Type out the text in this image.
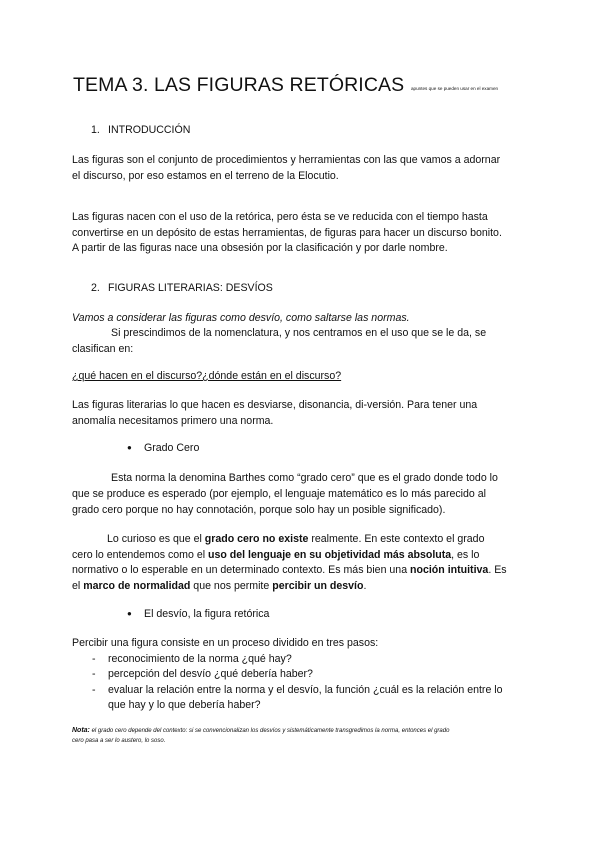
TEMA 3. LAS FIGURAS RETÓRICAS apuntes que se pueden usar en el examen
1. INTRODUCCIÓN
Las figuras son el conjunto de procedimientos y herramientas con las que vamos a adornar
el discurso, por eso estamos en el terreno de la Elocutio.
Las figuras nacen con el uso de la retórica, pero ésta se ve reducida con el tiempo hasta
convertirse en un depósito de estas herramientas, de figuras para hacer un discurso bonito.
A partir de las figuras nace una obsesión por la clasificación y por darle nombre.
2. FIGURAS LITERARIAS: DESVÍOS
Vamos a considerar las figuras como desvío, como saltarse las normas.
Si prescindimos de la nomenclatura, y nos centramos en el uso que se le da, se
clasifican en:
¿qué hacen en el discurso?¿dónde están en el discurso?
Las figuras literarias lo que hacen es desviarse, disonancia, di-versión. Para tener una
anomalía necesitamos primero una norma.
● Grado Cero
Esta norma la denomina Barthes como “grado cero” que es el grado donde todo lo
que se produce es esperado (por ejemplo, el lenguaje matemático es lo más parecido al
grado cero porque no hay connotación, porque solo hay un posible significado).
Lo curioso es que el grado cero no existe realmente. En este contexto el grado
cero lo entendemos como el uso del lenguaje en su objetividad más absoluta, es lo
normativo o lo esperable en un determinado contexto. Es más bien una noción intuitiva. Es
el marco de normalidad que nos permite percibir un desvío.
● El desvío, la figura retórica
Percibir una figura consiste en un proceso dividido en tres pasos:
- reconocimiento de la norma ¿qué hay?
- percepción del desvío ¿qué debería haber?
- evaluar la relación entre la norma y el desvío, la función ¿cuál es la relación entre lo
que hay y lo que debería haber?
Nota: el grado cero depende del contexto: si se convencionalizan los desvíos y sistemáticamente transgredimos la norma, entonces el grado
cero pasa a ser lo austero, lo soso.
